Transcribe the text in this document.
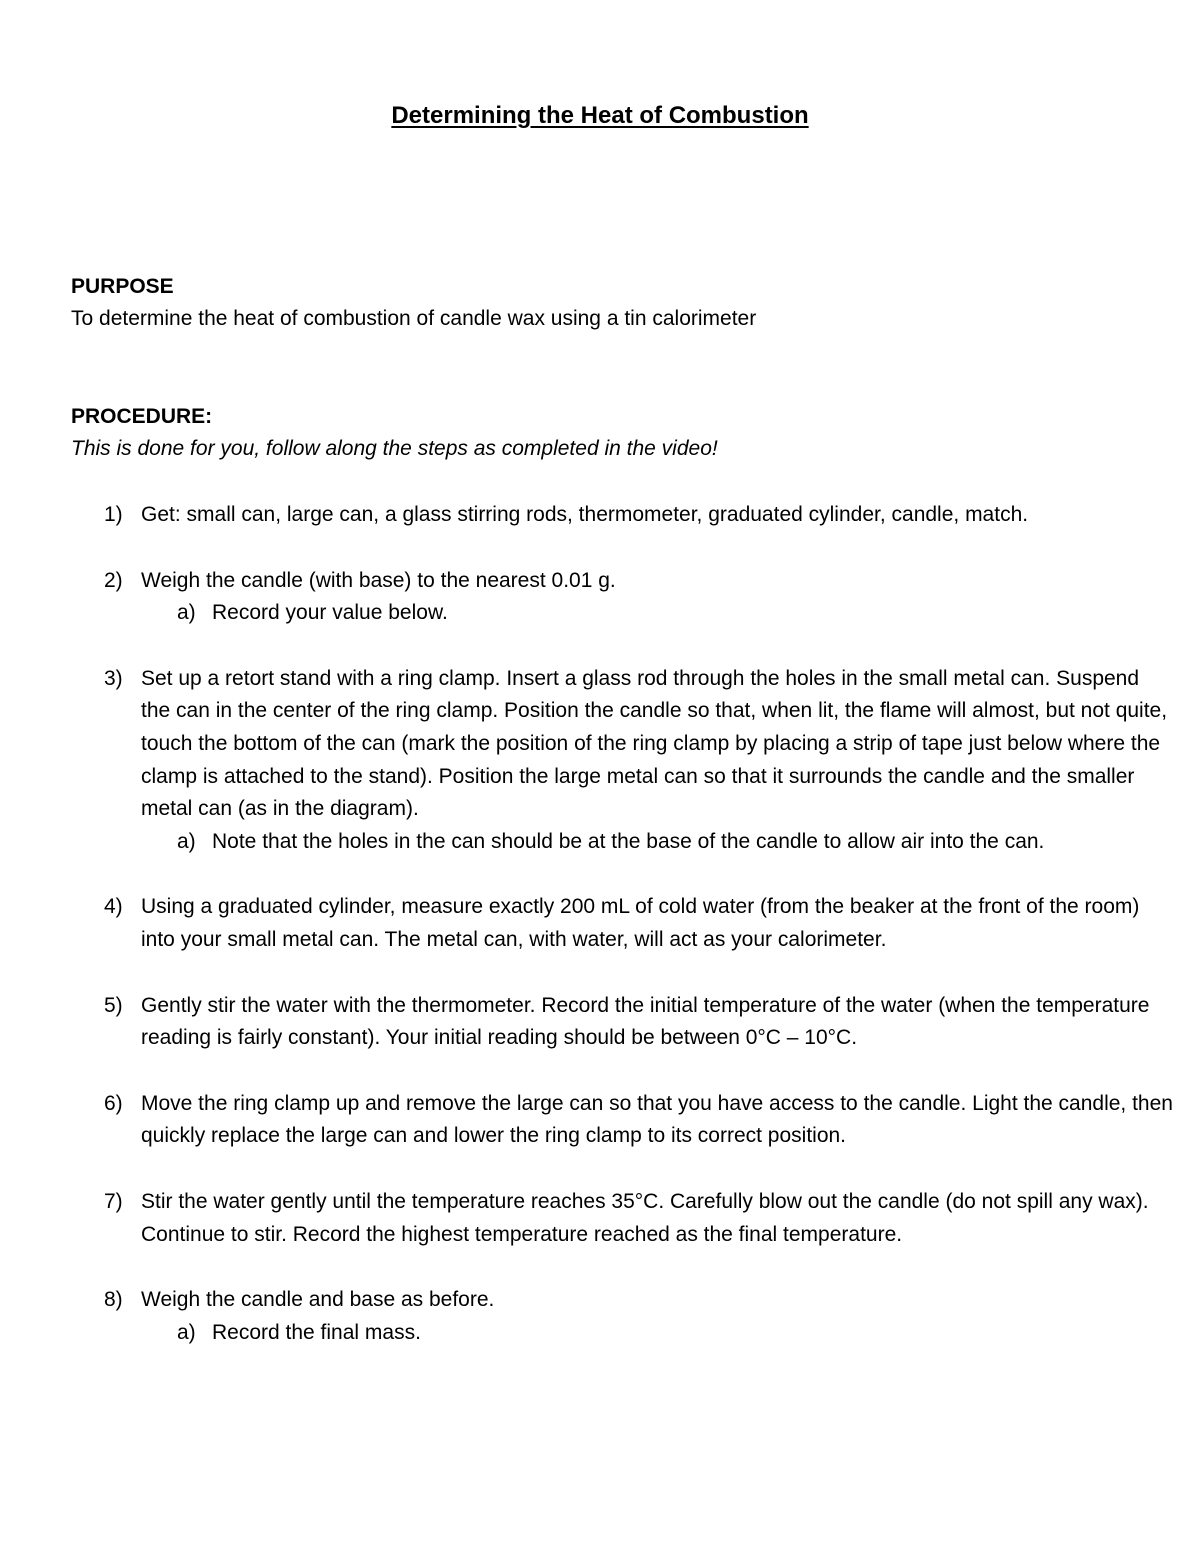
Determining the Heat of Combustion
PURPOSE
To determine the heat of combustion of candle wax using a tin calorimeter
PROCEDURE:
This is done for you, follow along the steps as completed in the video!
1) Get: small can, large can, a glass stirring rods, thermometer, graduated cylinder, candle, match.
2) Weigh the candle (with base) to the nearest 0.01 g.
a) Record your value below.
3) Set up a retort stand with a ring clamp. Insert a glass rod through the holes in the small metal can. Suspend the can in the center of the ring clamp. Position the candle so that, when lit, the flame will almost, but not quite, touch the bottom of the can (mark the position of the ring clamp by placing a strip of tape just below where the clamp is attached to the stand). Position the large metal can so that it surrounds the candle and the smaller metal can (as in the diagram).
a) Note that the holes in the can should be at the base of the candle to allow air into the can.
4) Using a graduated cylinder, measure exactly 200 mL of cold water (from the beaker at the front of the room) into your small metal can. The metal can, with water, will act as your calorimeter.
5) Gently stir the water with the thermometer. Record the initial temperature of the water (when the temperature reading is fairly constant). Your initial reading should be between 0°C – 10°C.
6) Move the ring clamp up and remove the large can so that you have access to the candle. Light the candle, then quickly replace the large can and lower the ring clamp to its correct position.
7) Stir the water gently until the temperature reaches 35°C. Carefully blow out the candle (do not spill any wax). Continue to stir. Record the highest temperature reached as the final temperature.
8) Weigh the candle and base as before.
a) Record the final mass.
